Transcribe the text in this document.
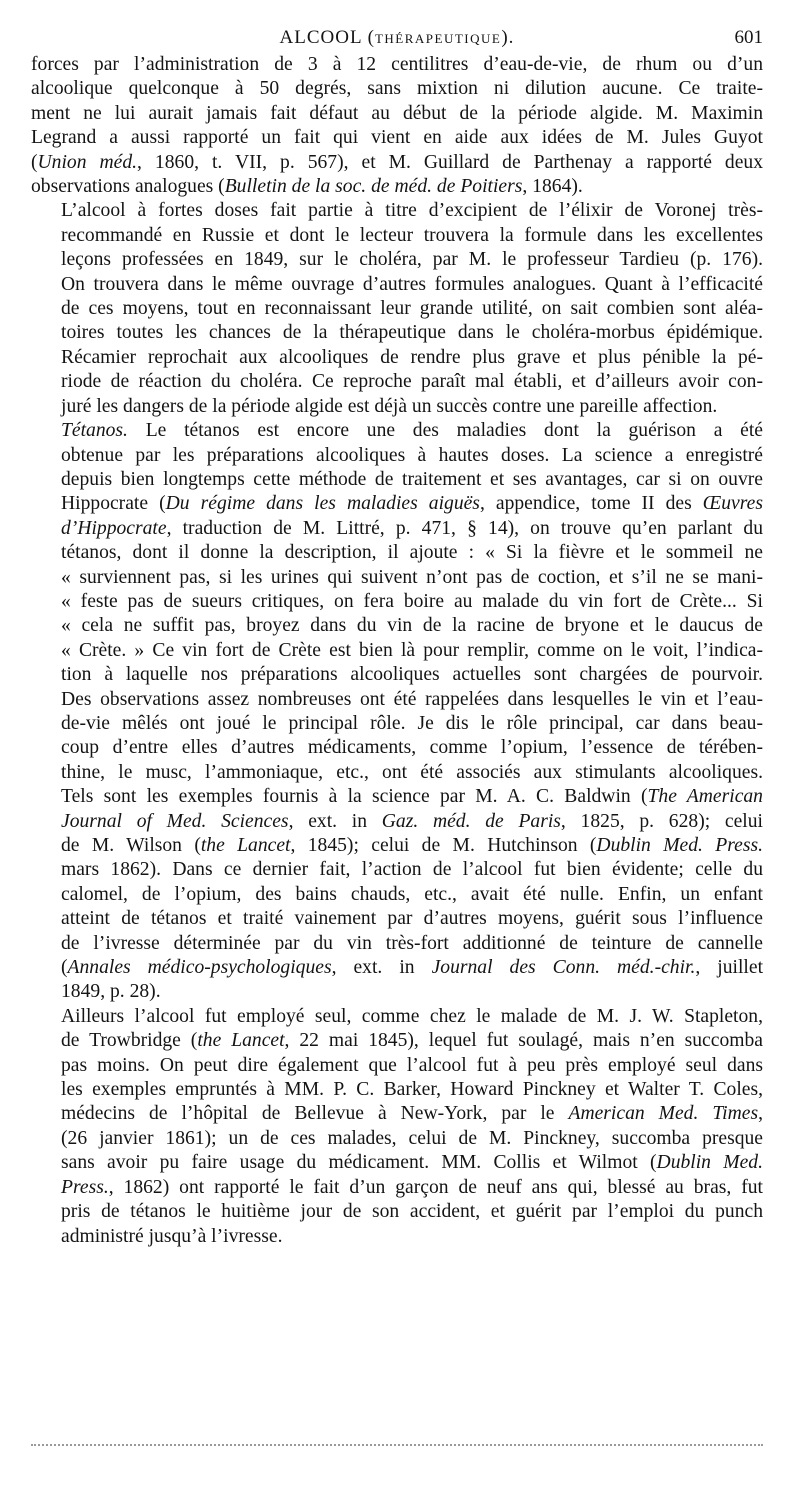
ALCOOL (THÉRAPEUTIQUE).	601
forces par l’administration de 3 à 12 centilitres d’eau-de-vie, de rhum ou d’un
alcoolique quelconque à 50 degrés, sans mixtion ni dilution aucune. Ce traite-
ment ne lui aurait jamais fait défaut au début de la période algide. M. Maximin
Legrand a aussi rapporté un fait qui vient en aide aux idées de M. Jules Guyot
(Union méd., 1860, t. VII, p. 567), et M. Guillard de Parthenay a rapporté deux
observations analogues (Bulletin de la soc. de méd. de Poitiers, 1864).
L’alcool à fortes doses fait partie à titre d’excipient de l’élixir de Voronej très-
recommandé en Russie et dont le lecteur trouvera la formule dans les excellentes
leçons professées en 1849, sur le choléra, par M. le professeur Tardieu (p. 176).
On trouvera dans le même ouvrage d’autres formules analogues. Quant à l’efficacité
de ces moyens, tout en reconnaissant leur grande utilité, on sait combien sont aléa-
toires toutes les chances de la thérapeutique dans le choléra-morbus épidémique.
Récamier reprochait aux alcooliques de rendre plus grave et plus pénible la pé-
riode de réaction du choléra. Ce reproche paraît mal établi, et d’ailleurs avoir con-
juré les dangers de la période algide est déjà un succès contre une pareille affection.
Tétanos. Le tétanos est encore une des maladies dont la guérison a été
obtenue par les préparations alcooliques à hautes doses. La science a enregistré
depuis bien longtemps cette méthode de traitement et ses avantages, car si on ouvre
Hippocrate (Du régime dans les maladies aiguës, appendice, tome II des Œuvres
d’Hippocrate, traduction de M. Littré, p. 471, § 14), on trouve qu’en parlant du
tétanos, dont il donne la description, il ajoute : « Si la fièvre et le sommeil ne
« surviennent pas, si les urines qui suivent n’ont pas de coction, et s’il ne se mani-
« feste pas de sueurs critiques, on fera boire au malade du vin fort de Crète... Si
« cela ne suffit pas, broyez dans du vin de la racine de bryone et le daucus de
« Crète. » Ce vin fort de Crète est bien là pour remplir, comme on le voit, l’indica-
tion à laquelle nos préparations alcooliques actuelles sont chargées de pourvoir.
Des observations assez nombreuses ont été rappelées dans lesquelles le vin et l’eau-
de-vie mêlés ont joué le principal rôle. Je dis le rôle principal, car dans beau-
coup d’entre elles d’autres médicaments, comme l’opium, l’essence de térében-
thine, le musc, l’ammoniaque, etc., ont été associés aux stimulants alcooliques.
Tels sont les exemples fournis à la science par M. A. C. Baldwin (The American
Journal of Med. Sciences, ext. in Gaz. méd. de Paris, 1825, p. 628); celui
de M. Wilson (the Lancet, 1845); celui de M. Hutchinson (Dublin Med. Press.
mars 1862). Dans ce dernier fait, l’action de l’alcool fut bien évidente; celle du
calomel, de l’opium, des bains chauds, etc., avait été nulle. Enfin, un enfant
atteint de tétanos et traité vainement par d’autres moyens, guérit sous l’influence
de l’ivresse déterminée par du vin très-fort additionné de teinture de cannelle
(Annales médico-psychologiques, ext. in Journal des Conn. méd.-chir., juillet
1849, p. 28).
Ailleurs l’alcool fut employé seul, comme chez le malade de M. J. W. Stapleton,
de Trowbridge (the Lancet, 22 mai 1845), lequel fut soulagé, mais n’en succomba
pas moins. On peut dire également que l’alcool fut à peu près employé seul dans
les exemples empruntés à MM. P. C. Barker, Howard Pinckney et Walter T. Coles,
médecins de l’hôpital de Bellevue à New-York, par le American Med. Times,
(26 janvier 1861); un de ces malades, celui de M. Pinckney, succomba presque
sans avoir pu faire usage du médicament. MM. Collis et Wilmot (Dublin Med.
Press., 1862) ont rapporté le fait d’un garçon de neuf ans qui, blessé au bras, fut
pris de tétanos le huitième jour de son accident, et guérit par l’emploi du punch
administré jusqu’à l’ivresse.
